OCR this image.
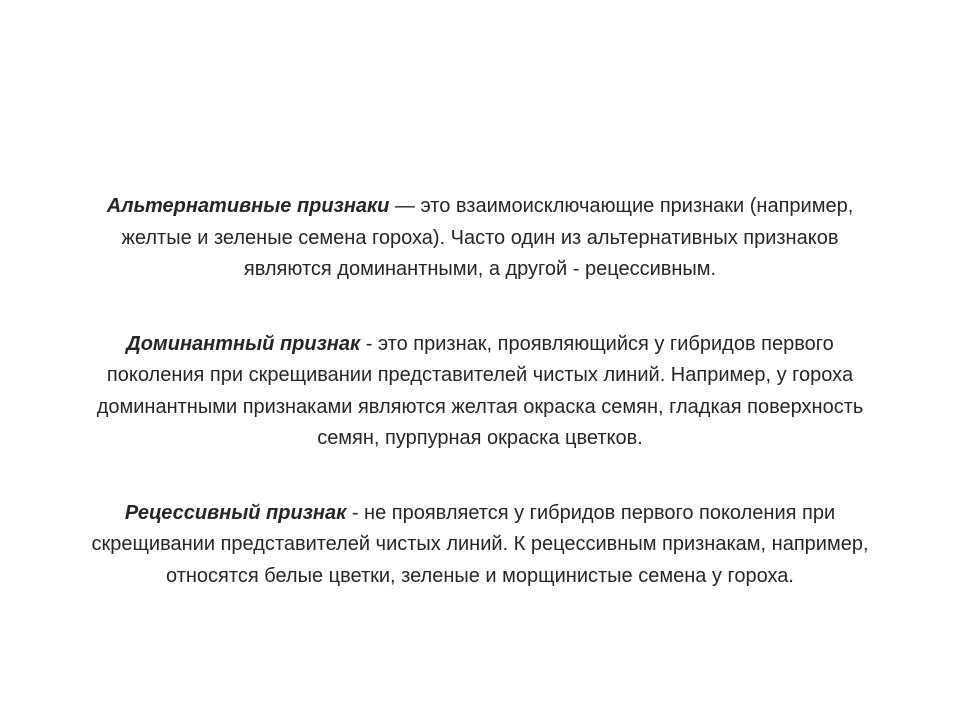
Альтернативные признаки — это взаимоисключающие признаки (например, желтые и зеленые семена гороха). Часто один из альтернативных признаков являются доминантными, а другой - рецессивным.

Доминантный признак - это признак, проявляющийся у гибридов первого поколения при скрещивании представителей чистых линий. Например, у гороха доминантными признаками являются желтая окраска семян, гладкая поверхность семян, пурпурная окраска цветков.

Рецессивный признак - не проявляется у гибридов первого поколения при скрещивании представителей чистых линий. К рецессивным признакам, например, относятся белые цветки, зеленые и морщинистые семена у гороха.
